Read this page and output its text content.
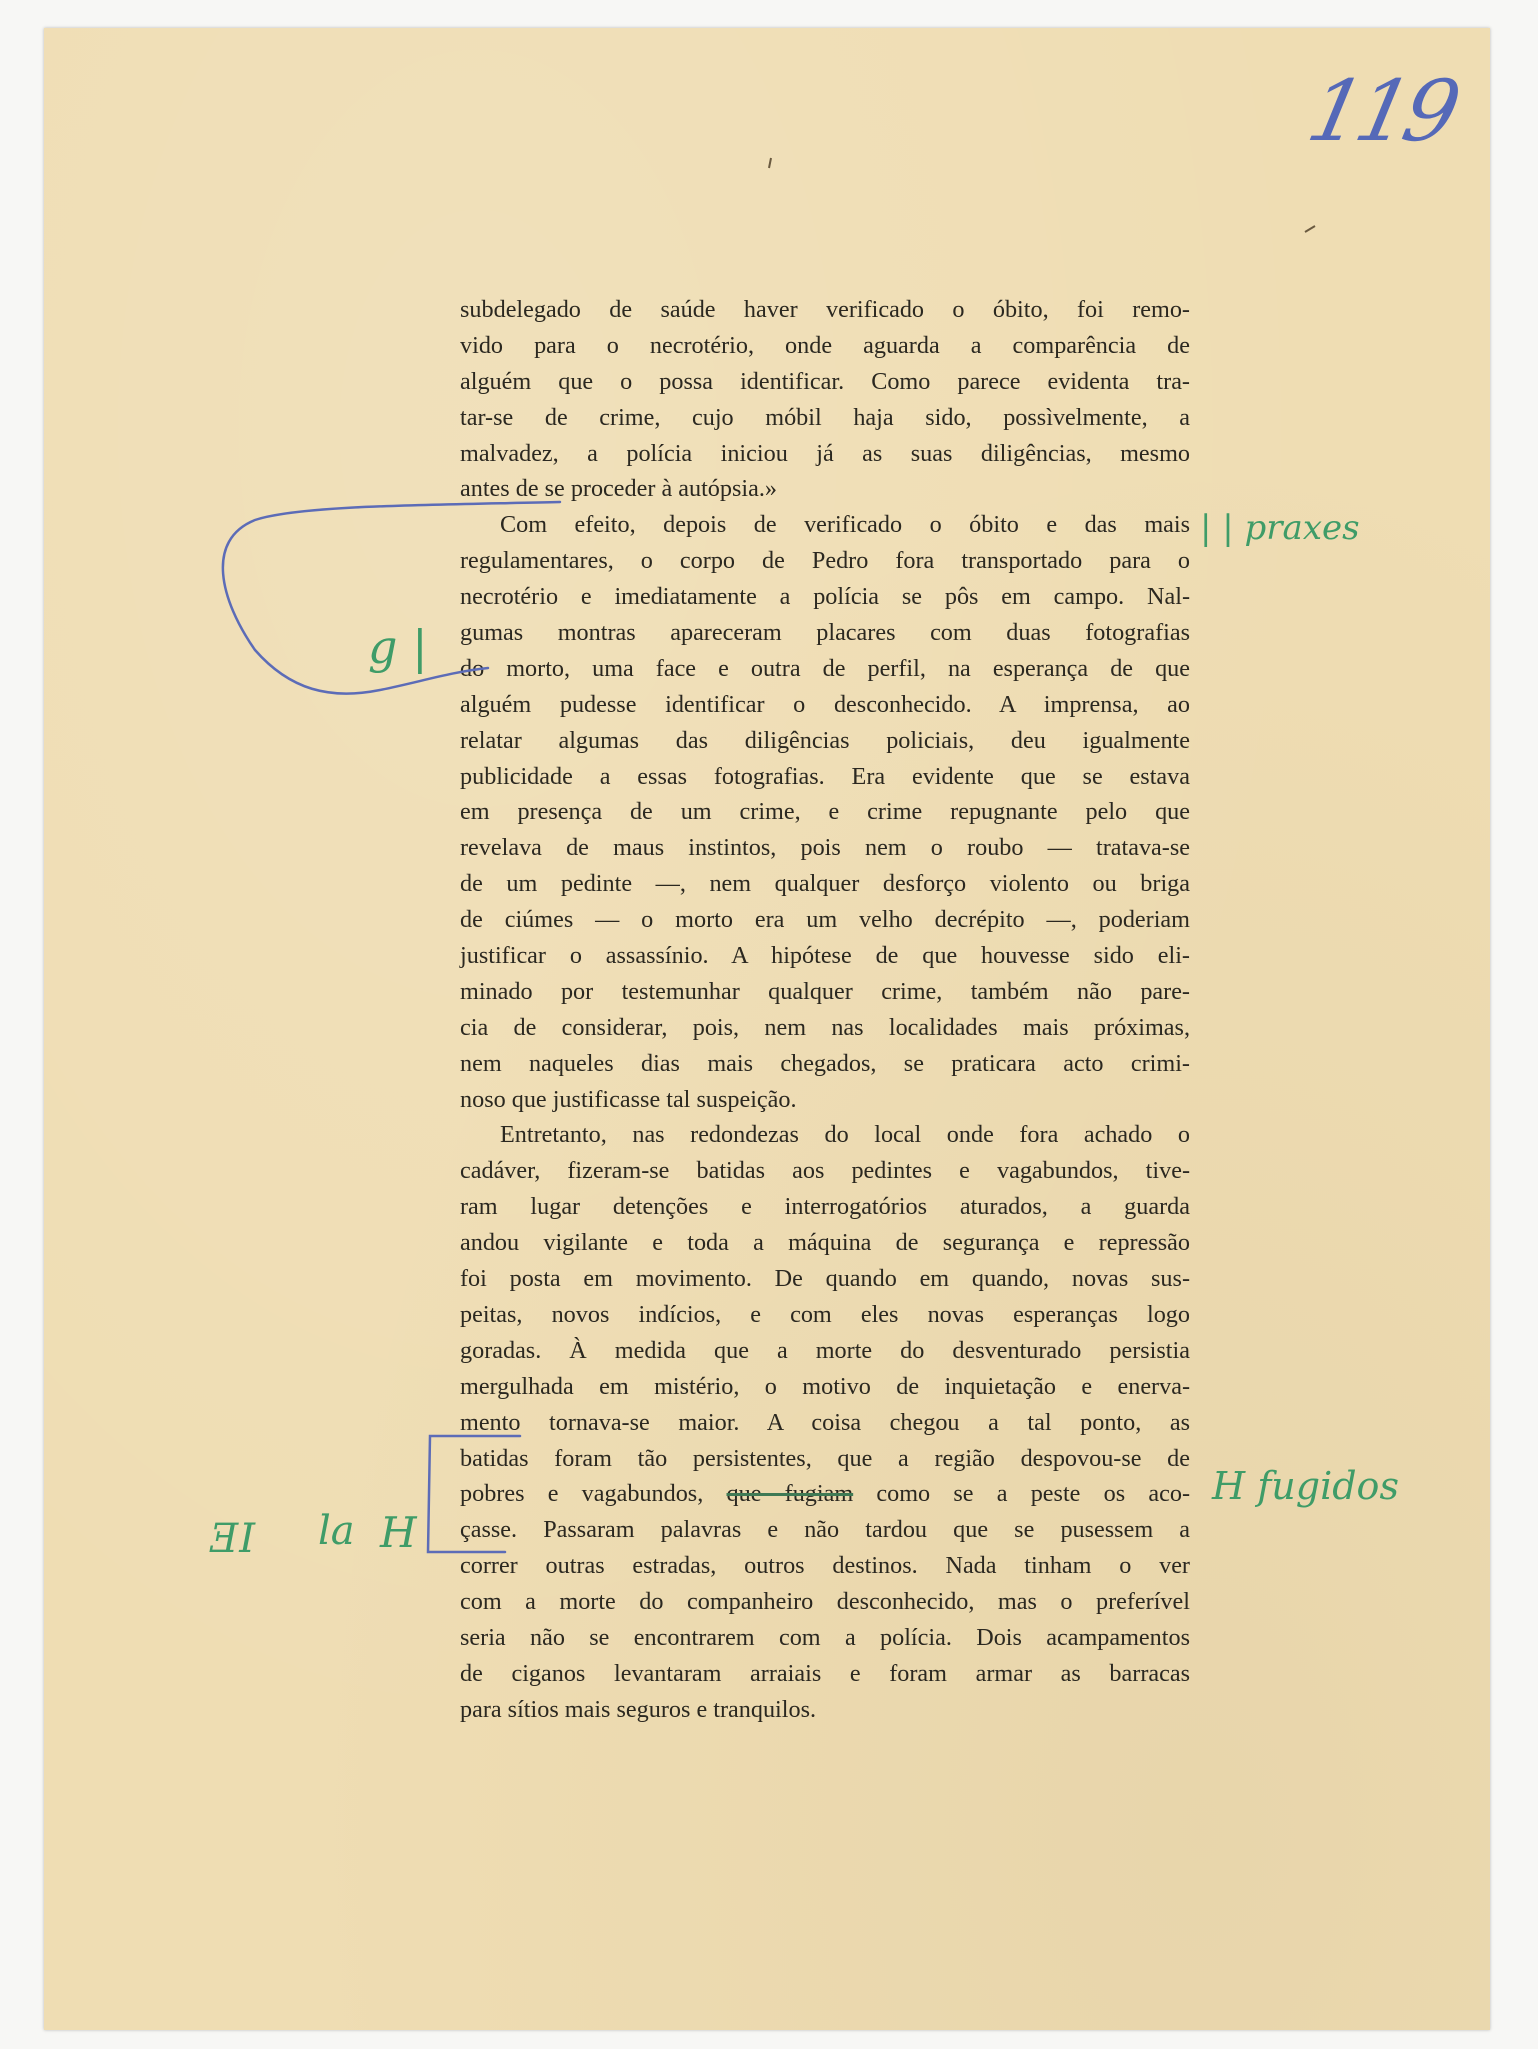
119
subdelegado de saúde haver verificado o óbito, foi remo-
vido para o necrotério, onde aguarda a comparência de
alguém que o possa identificar. Como parece evidenta tra-
tar-se de crime, cujo móbil haja sido, possìvelmente, a
malvadez, a polícia iniciou já as suas diligências, mesmo
antes de se proceder à autópsia.»
Com efeito, depois de verificado o óbito e das mais
regulamentares, o corpo de Pedro fora transportado para o
necrotério e imediatamente a polícia se pôs em campo. Nal-
gumas montras apareceram placares com duas fotografias
do morto, uma face e outra de perfil, na esperança de que
alguém pudesse identificar o desconhecido. A imprensa, ao
relatar algumas das diligências policiais, deu igualmente
publicidade a essas fotografias. Era evidente que se estava
em presença de um crime, e crime repugnante pelo que
revelava de maus instintos, pois nem o roubo — tratava-se
de um pedinte —, nem qualquer desforço violento ou briga
de ciúmes — o morto era um velho decrépito —, poderiam
justificar o assassínio. A hipótese de que houvesse sido eli-
minado por testemunhar qualquer crime, também não pare-
cia de considerar, pois, nem nas localidades mais próximas,
nem naqueles dias mais chegados, se praticara acto crimi-
noso que justificasse tal suspeição.
Entretanto, nas redondezas do local onde fora achado o
cadáver, fizeram-se batidas aos pedintes e vagabundos, tive-
ram lugar detenções e interrogatórios aturados, a guarda
andou vigilante e toda a máquina de segurança e repressão
foi posta em movimento. De quando em quando, novas sus-
peitas, novos indícios, e com eles novas esperanças logo
goradas. À medida que a morte do desventurado persistia
mergulhada em mistério, o motivo de inquietação e enerva-
mento tornava-se maior. A coisa chegou a tal ponto, as
batidas foram tão persistentes, que a região despovou-se de
pobres e vagabundos, que fugiam como se a peste os aco-
çasse. Passaram palavras e não tardou que se pusessem a
correr outras estradas, outros destinos. Nada tinham o ver
com a morte do companheiro desconhecido, mas o preferível
seria não se encontrarem com a polícia. Dois acampamentos
de ciganos levantaram arraiais e foram armar as barracas
para sítios mais seguros e tranquilos.
| | praxes
H fugidos
g |
ƎI la H
